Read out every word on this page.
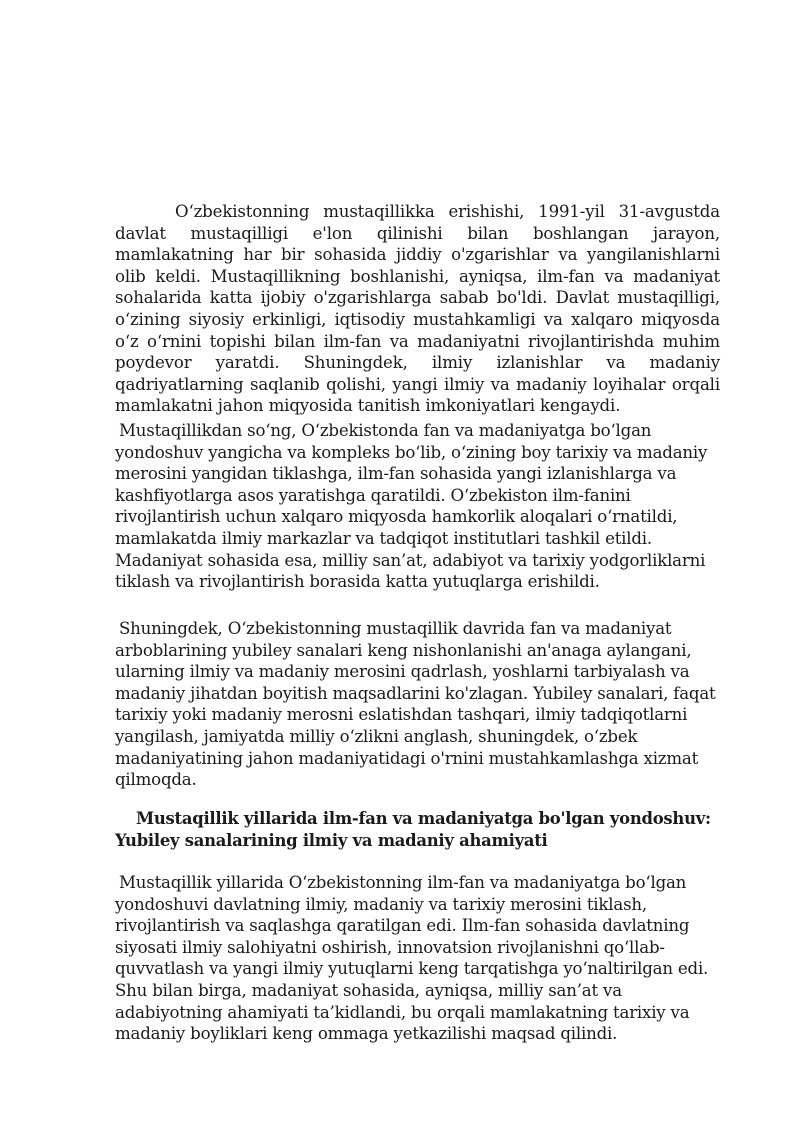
O‘zbekistonning mustaqillikka erishishi, 1991-yil 31-avgustda davlat mustaqilligi e'lon qilinishi bilan boshlangan jarayon, mamlakatning har bir sohasida jiddiy o'zgarishlar va yangilanishlarni olib keldi. Mustaqillikning boshlanishi, ayniqsa, ilm-fan va madaniyat sohalarida katta ijobiy o'zgarishlarga sabab bo'ldi. Davlat mustaqilligi, o‘zining siyosiy erkinligi, iqtisodiy mustahkamligi va xalqaro miqyosda o‘z o‘rnini topishi bilan ilm-fan va madaniyatni rivojlantirishda muhim poydevor yaratdi. Shuningdek, ilmiy izlanishlar va madaniy qadriyatlarning saqlanib qolishi, yangi ilmiy va madaniy loyihalar orqali mamlakatni jahon miqyosida tanitish imkoniyatlari kengaydi.

Mustaqillikdan so‘ng, O‘zbekistonda fan va madaniyatga bo‘lgan yondoshuv yangicha va kompleks bo‘lib, o‘zining boy tarixiy va madaniy merosini yangidan tiklashga, ilm-fan sohasida yangi izlanishlarga va kashfiyotlarga asos yaratishga qaratildi. O‘zbekiston ilm-fanini rivojlantirish uchun xalqaro miqyosda hamkorlik aloqalari o‘rnatildi, mamlakatda ilmiy markazlar va tadqiqot institutlari tashkil etildi. Madaniyat sohasida esa, milliy san’at, adabiyot va tarixiy yodgorliklarni tiklash va rivojlantirish borasida katta yutuqlarga erishildi.

Shuningdek, O‘zbekistonning mustaqillik davrida fan va madaniyat arboblarining yubiley sanalari keng nishonlanishi an'anaga aylangani, ularning ilmiy va madaniy merosini qadrlash, yoshlarni tarbiyalash va madaniy jihatdan boyitish maqsadlarini ko'zlagan. Yubiley sanalari, faqat tarixiy yoki madaniy merosni eslatishdan tashqari, ilmiy tadqiqotlarni yangilash, jamiyatda milliy o‘zlikni anglash, shuningdek, o‘zbek madaniyatining jahon madaniyatidagi o'rnini mustahkamlashga xizmat qilmoqda.

Mustaqillik yillarida ilm-fan va madaniyatga bo'lgan yondoshuv: Yubiley sanalarining ilmiy va madaniy ahamiyati

Mustaqillik yillarida O‘zbekistonning ilm-fan va madaniyatga bo‘lgan yondoshuvi davlatning ilmiy, madaniy va tarixiy merosini tiklash, rivojlantirish va saqlashga qaratilgan edi. Ilm-fan sohasida davlatning siyosati ilmiy salohiyatni oshirish, innovatsion rivojlanishni qo‘llab-quvvatlash va yangi ilmiy yutuqlarni keng tarqatishga yo‘naltirilgan edi. Shu bilan birga, madaniyat sohasida, ayniqsa, milliy san’at va adabiyotning ahamiyati ta’kidlandi, bu orqali mamlakatning tarixiy va madaniy boyliklari keng ommaga yetkazilishi maqsad qilindi.
